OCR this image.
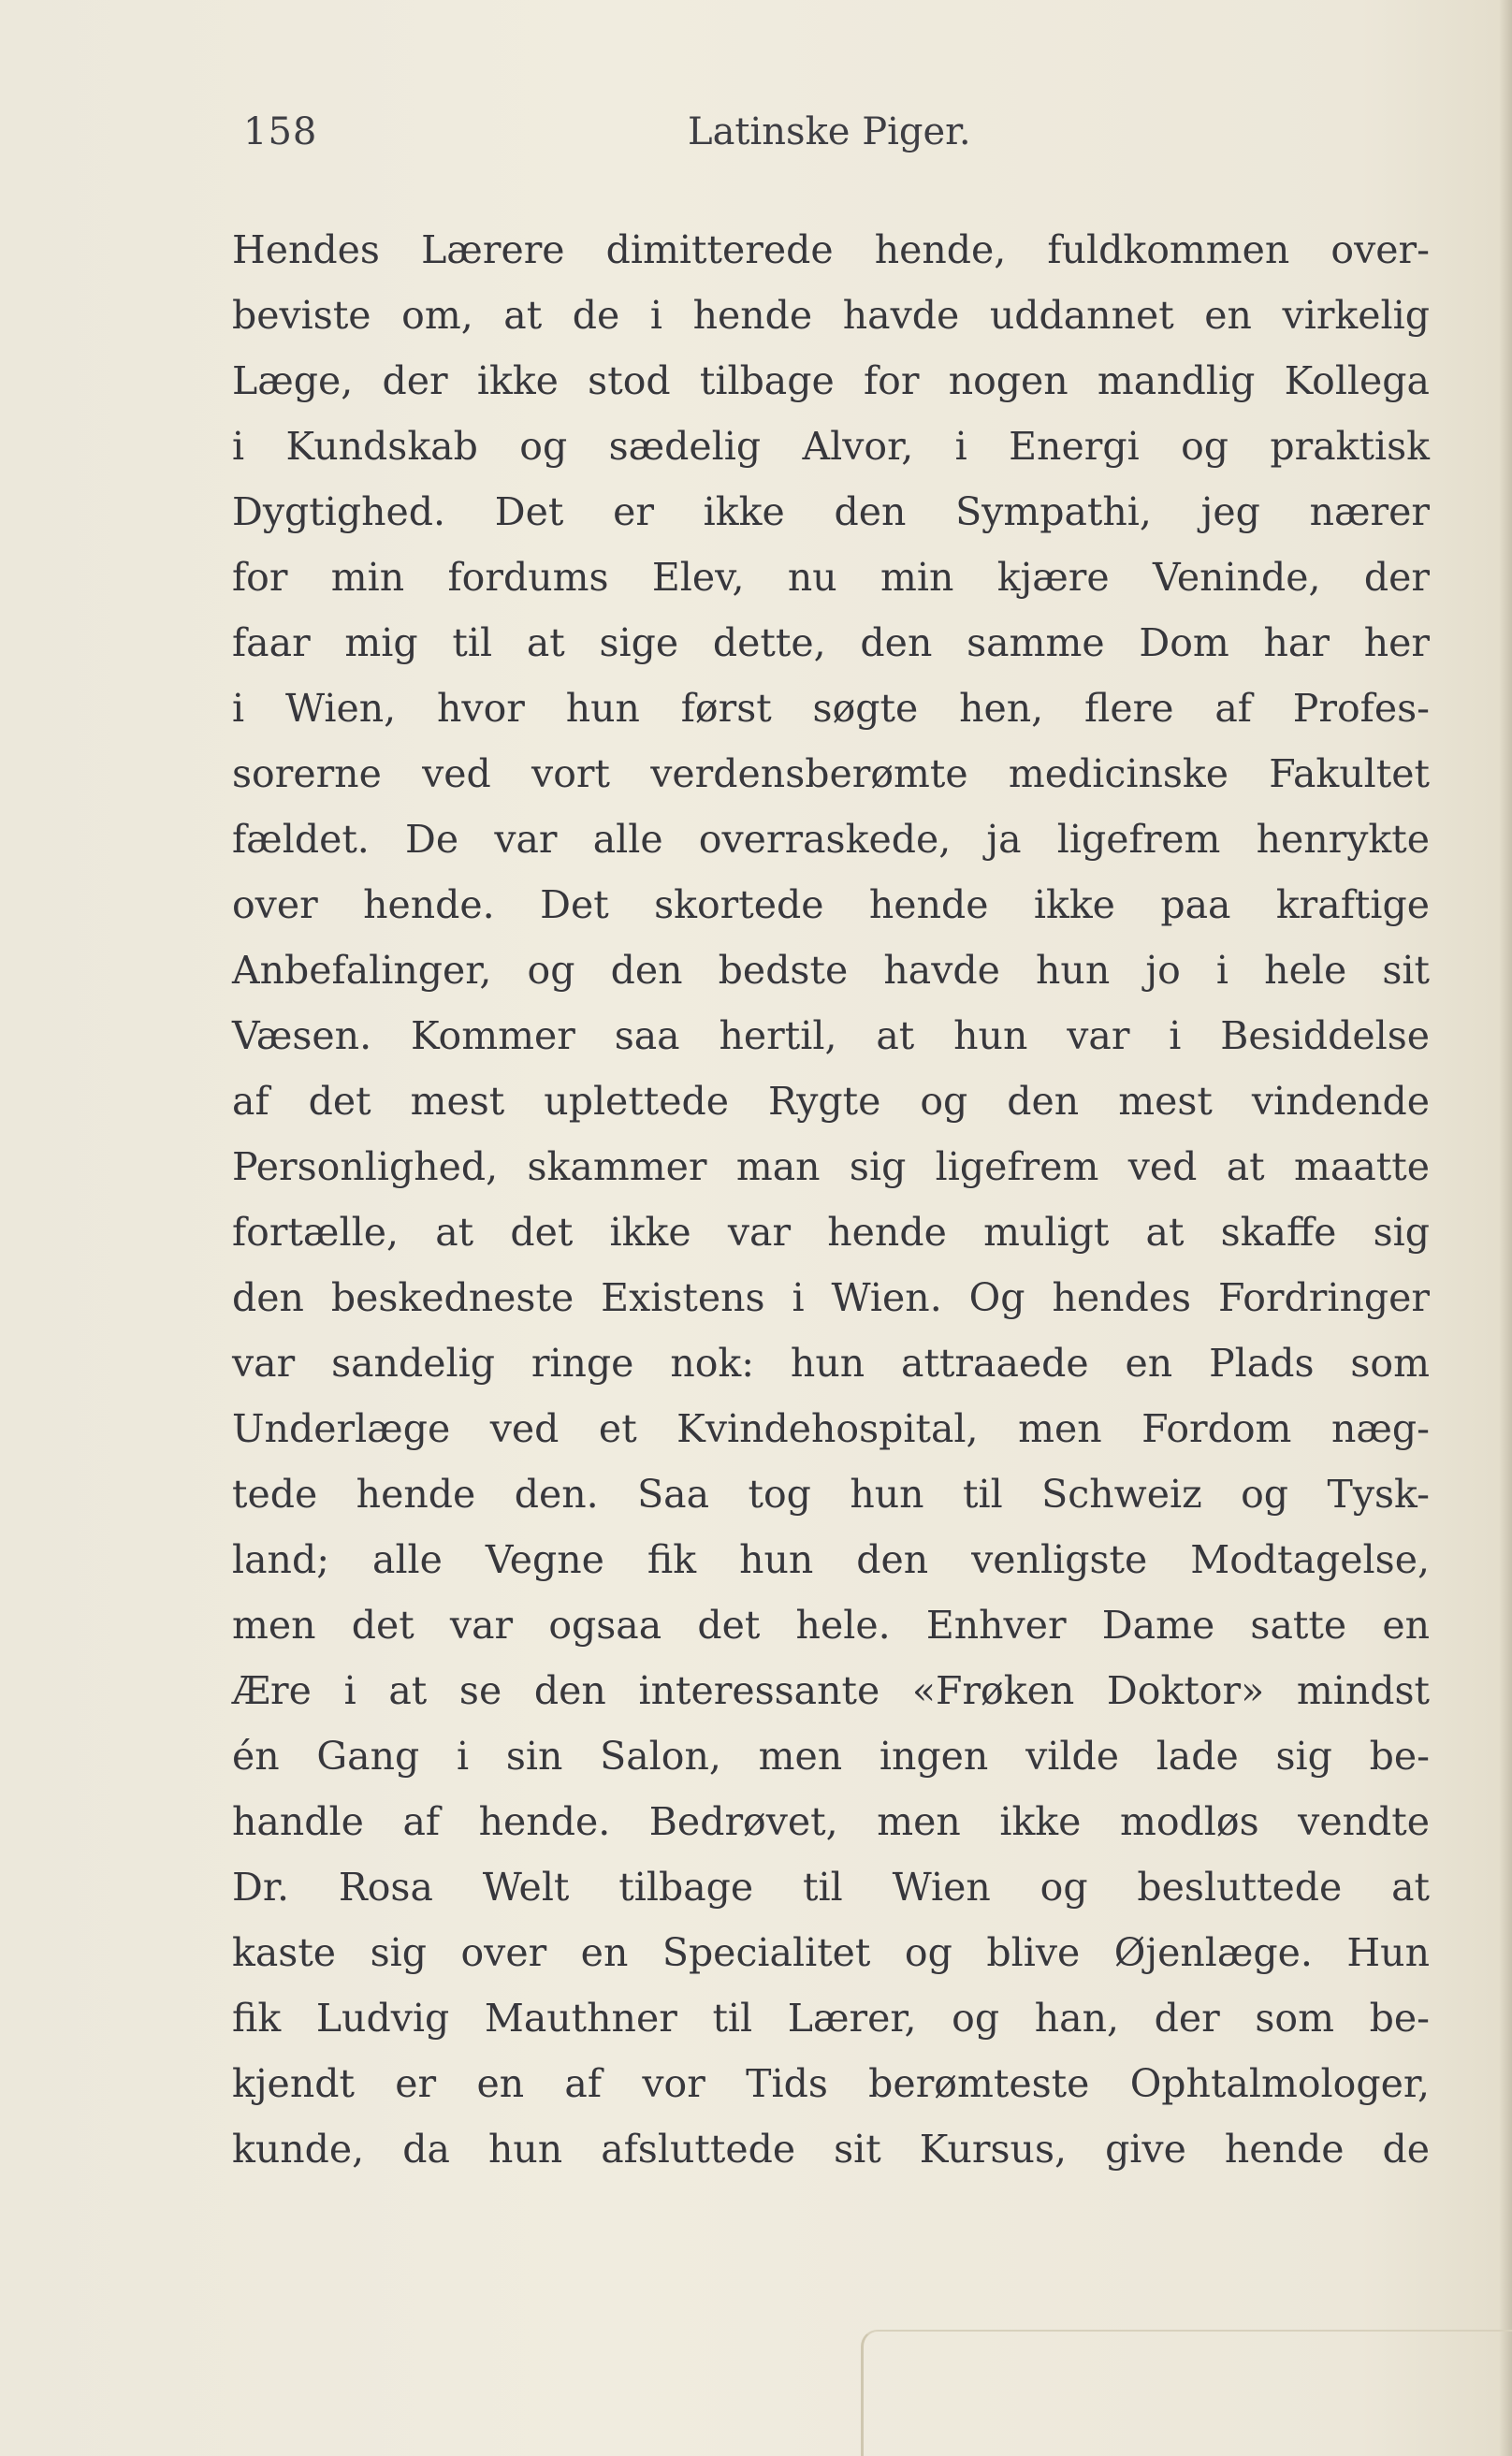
158	Latinske Piger.
Hendes Lærere dimitterede hende, fuldkommen over-
beviste om, at de i hende havde uddannet en virkelig
Læge, der ikke stod tilbage for nogen mandlig Kollega
i Kundskab og sædelig Alvor, i Energi og praktisk
Dygtighed. Det er ikke den Sympathi, jeg nærer
for min fordums Elev, nu min kjære Veninde, der
faar mig til at sige dette, den samme Dom har her
i Wien, hvor hun først søgte hen, flere af Profes-
sorerne ved vort verdensberømte medicinske Fakultet
fældet. De var alle overraskede, ja ligefrem henrykte
over hende. Det skortede hende ikke paa kraftige
Anbefalinger, og den bedste havde hun jo i hele sit
Væsen. Kommer saa hertil, at hun var i Besiddelse
af det mest uplettede Rygte og den mest vindende
Personlighed, skammer man sig ligefrem ved at maatte
fortælle, at det ikke var hende muligt at skaffe sig
den beskedneste Existens i Wien. Og hendes Fordringer
var sandelig ringe nok: hun attraaede en Plads som
Underlæge ved et Kvindehospital, men Fordom næg-
tede hende den. Saa tog hun til Schweiz og Tysk-
land; alle Vegne fik hun den venligste Modtagelse,
men det var ogsaa det hele. Enhver Dame satte en
Ære i at se den interessante «Frøken Doktor» mindst
én Gang i sin Salon, men ingen vilde lade sig be-
handle af hende. Bedrøvet, men ikke modløs vendte
Dr. Rosa Welt tilbage til Wien og besluttede at
kaste sig over en Specialitet og blive Øjenlæge. Hun
fik Ludvig Mauthner til Lærer, og han, der som be-
kjendt er en af vor Tids berømteste Ophtalmologer,
kunde, da hun afsluttede sit Kursus, give hende de
